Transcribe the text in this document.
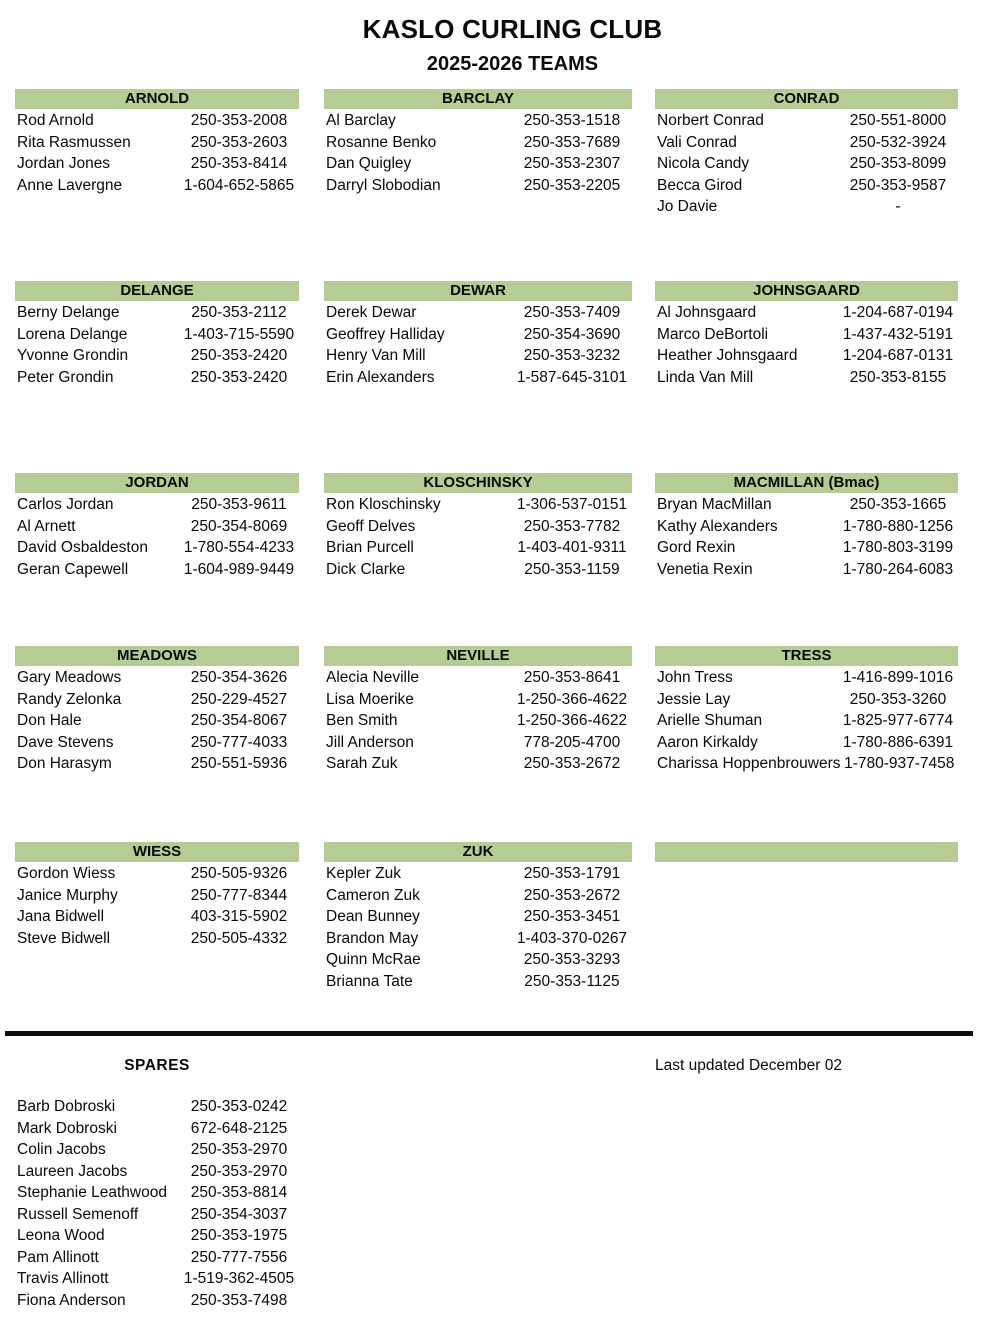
KASLO CURLING CLUB
2025-2026 TEAMS
ARNOLD
Rod Arnold	250-353-2008
Rita Rasmussen	250-353-2603
Jordan Jones	250-353-8414
Anne Lavergne	1-604-652-5865
BARCLAY
Al Barclay	250-353-1518
Rosanne Benko	250-353-7689
Dan Quigley	250-353-2307
Darryl Slobodian	250-353-2205
CONRAD
Norbert Conrad	250-551-8000
Vali Conrad	250-532-3924
Nicola Candy	250-353-8099
Becca Girod	250-353-9587
Jo Davie	-
DELANGE
Berny Delange	250-353-2112
Lorena Delange	1-403-715-5590
Yvonne Grondin	250-353-2420
Peter Grondin	250-353-2420
DEWAR
Derek Dewar	250-353-7409
Geoffrey Halliday	250-354-3690
Henry Van Mill	250-353-3232
Erin Alexanders	1-587-645-3101
JOHNSGAARD
Al Johnsgaard	1-204-687-0194
Marco DeBortoli	1-437-432-5191
Heather Johnsgaard	1-204-687-0131
Linda Van Mill	250-353-8155
JORDAN
Carlos Jordan	250-353-9611
Al Arnett	250-354-8069
David Osbaldeston	1-780-554-4233
Geran Capewell	1-604-989-9449
KLOSCHINSKY
Ron Kloschinsky	1-306-537-0151
Geoff Delves	250-353-7782
Brian Purcell	1-403-401-9311
Dick Clarke	250-353-1159
MACMILLAN (Bmac)
Bryan MacMillan	250-353-1665
Kathy Alexanders	1-780-880-1256
Gord Rexin	1-780-803-3199
Venetia Rexin	1-780-264-6083
MEADOWS
Gary Meadows	250-354-3626
Randy Zelonka	250-229-4527
Don Hale	250-354-8067
Dave Stevens	250-777-4033
Don Harasym	250-551-5936
NEVILLE
Alecia Neville	250-353-8641
Lisa Moerike	1-250-366-4622
Ben Smith	1-250-366-4622
Jill Anderson	778-205-4700
Sarah Zuk	250-353-2672
TRESS
John Tress	1-416-899-1016
Jessie Lay	250-353-3260
Arielle Shuman	1-825-977-6774
Aaron Kirkaldy	1-780-886-6391
Charissa Hoppenbrouwers 1-780-937-7458
WIESS
Gordon Wiess	250-505-9326
Janice Murphy	250-777-8344
Jana Bidwell	403-315-5902
Steve Bidwell	250-505-4332
ZUK
Kepler Zuk	250-353-1791
Cameron Zuk	250-353-2672
Dean Bunney	250-353-3451
Brandon May	1-403-370-0267
Quinn McRae	250-353-3293
Brianna Tate	250-353-1125
SPARES	Last updated December 02
Barb Dobroski	250-353-0242
Mark Dobroski	672-648-2125
Colin Jacobs	250-353-2970
Laureen Jacobs	250-353-2970
Stephanie Leathwood	250-353-8814
Russell Semenoff	250-354-3037
Leona Wood	250-353-1975
Pam Allinott	250-777-7556
Travis Allinott	1-519-362-4505
Fiona Anderson	250-353-7498
